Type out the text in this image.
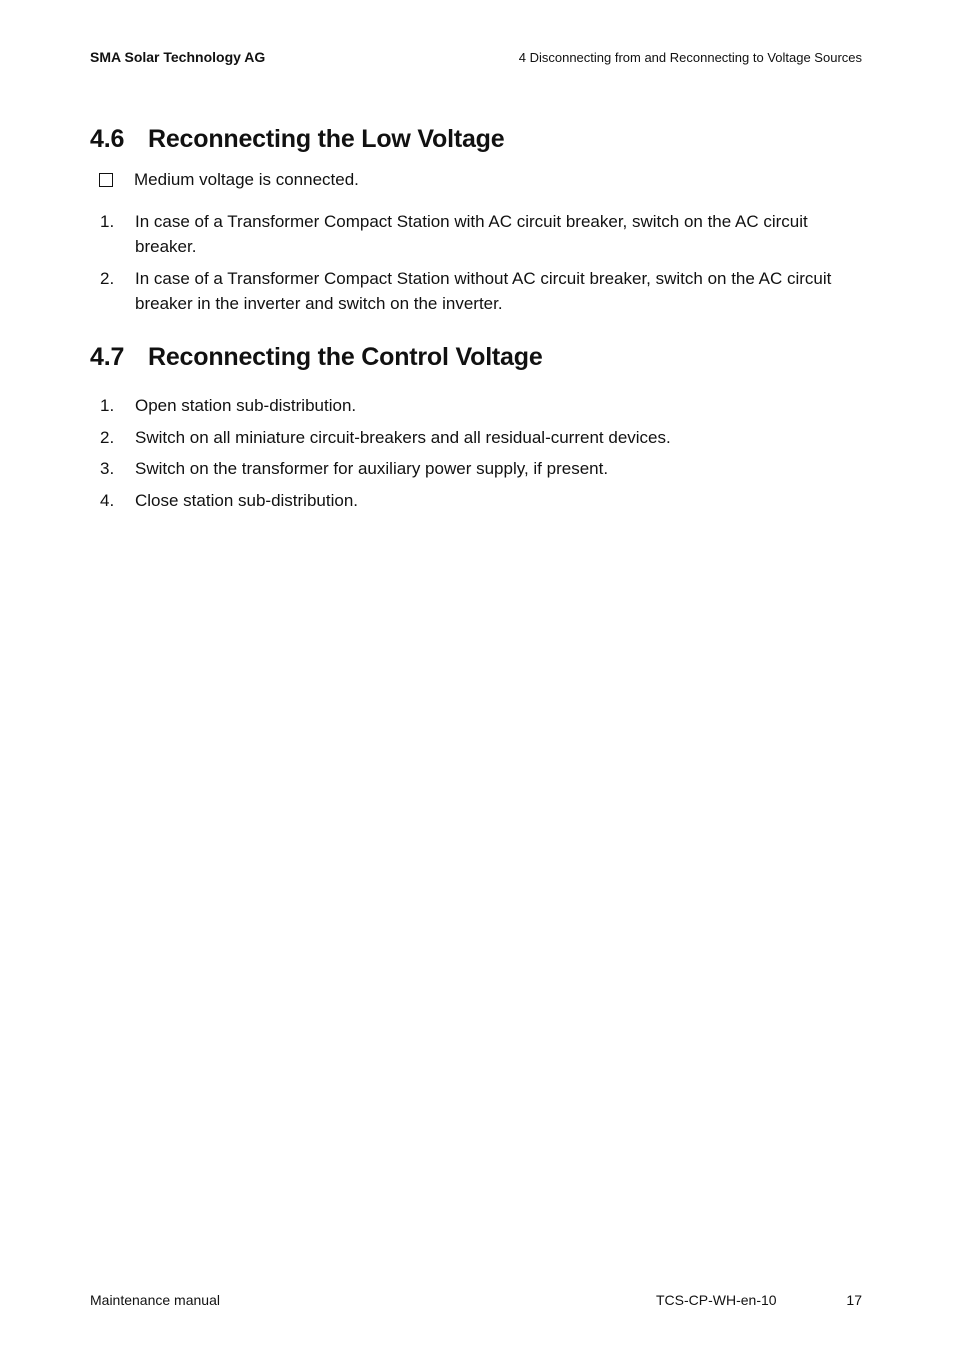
SMA Solar Technology AG	4 Disconnecting from and Reconnecting to Voltage Sources
4.6 Reconnecting the Low Voltage
Medium voltage is connected.
1.	In case of a Transformer Compact Station with AC circuit breaker, switch on the AC circuit breaker.
2.	In case of a Transformer Compact Station without AC circuit breaker, switch on the AC circuit breaker in the inverter and switch on the inverter.
4.7 Reconnecting the Control Voltage
1.	Open station sub-distribution.
2.	Switch on all miniature circuit-breakers and all residual-current devices.
3.	Switch on the transformer for auxiliary power supply, if present.
4.	Close station sub-distribution.
Maintenance manual	TCS-CP-WH-en-10	17
